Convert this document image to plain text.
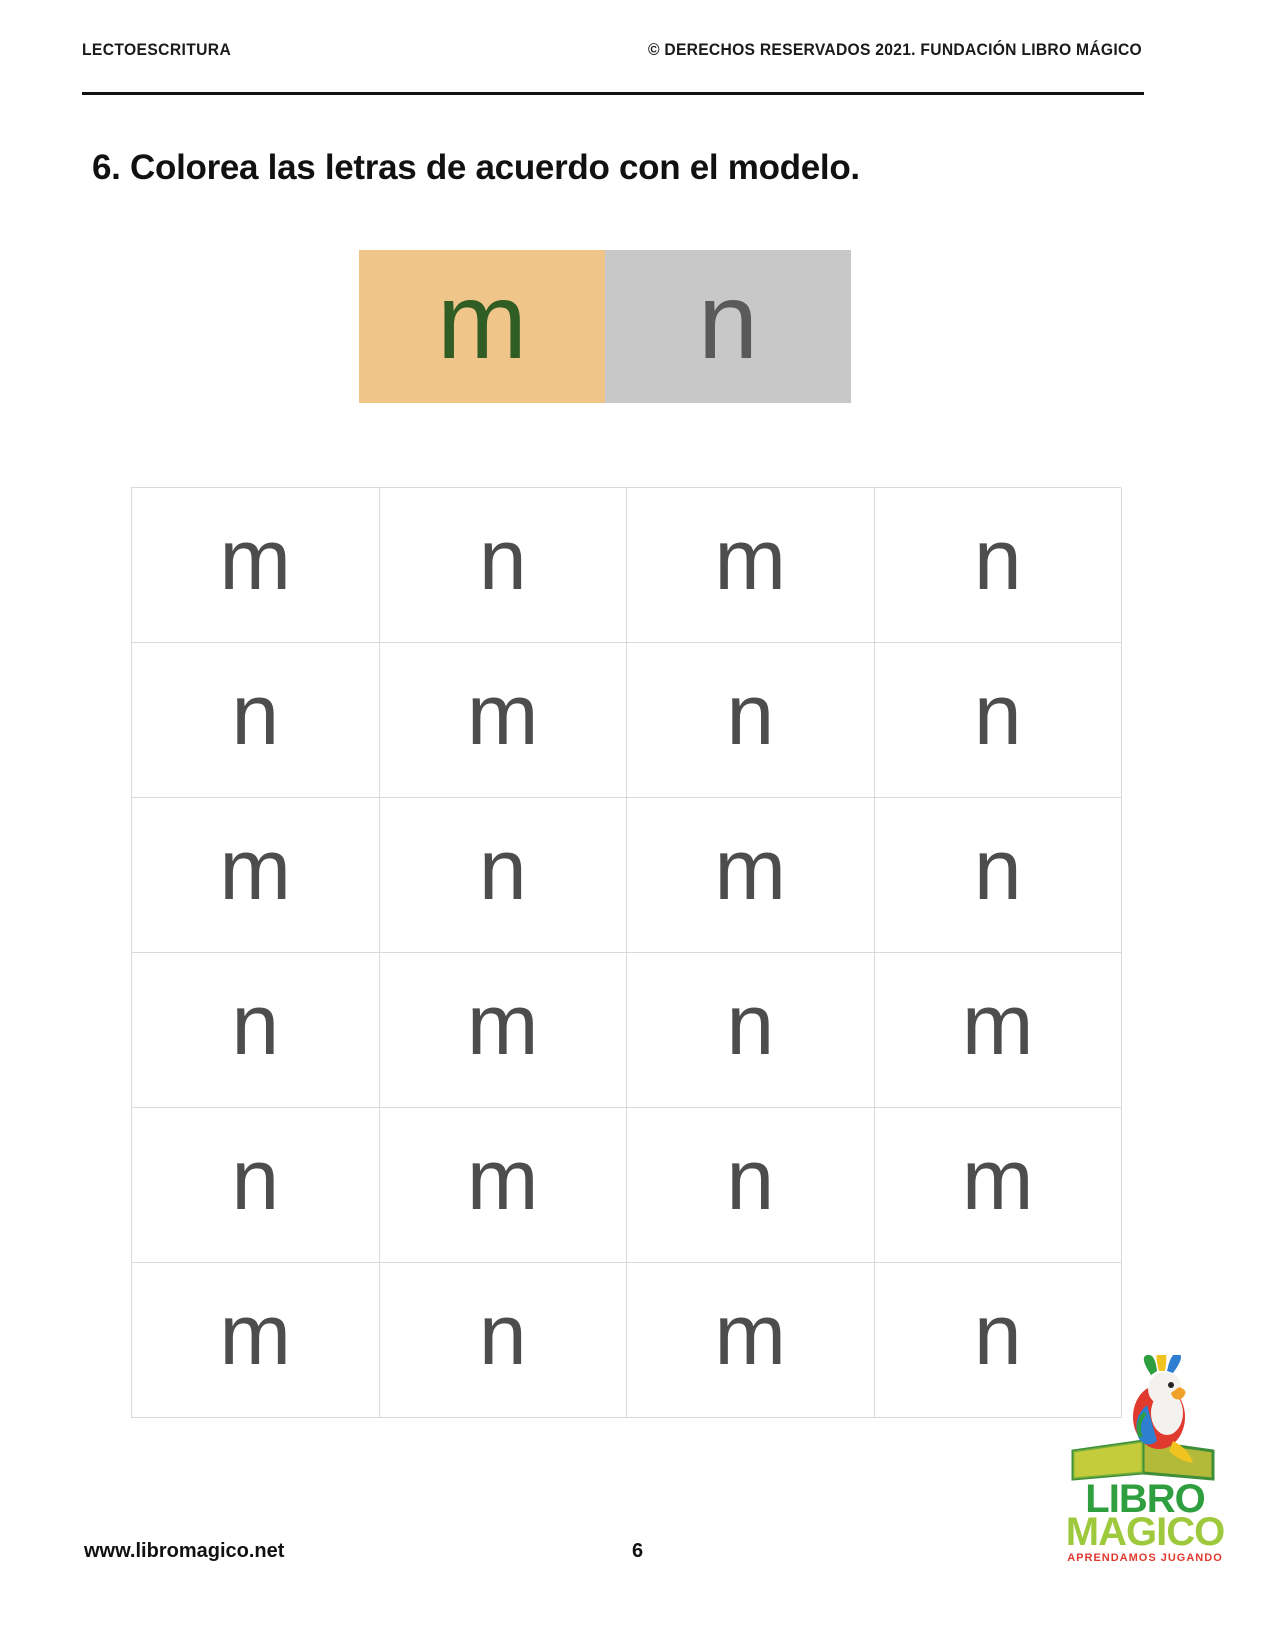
LECTOESCRITURA	© DERECHOS RESERVADOS 2021. FUNDACIÓN LIBRO MÁGICO
6. Colorea las letras de acuerdo con el modelo.
m n
m n m n
n m n n
m n m n
n m n m
n m n m
m n m n
LIBRO
MAGICO
APRENDAMOS JUGANDO
www.libromagico.net	6
